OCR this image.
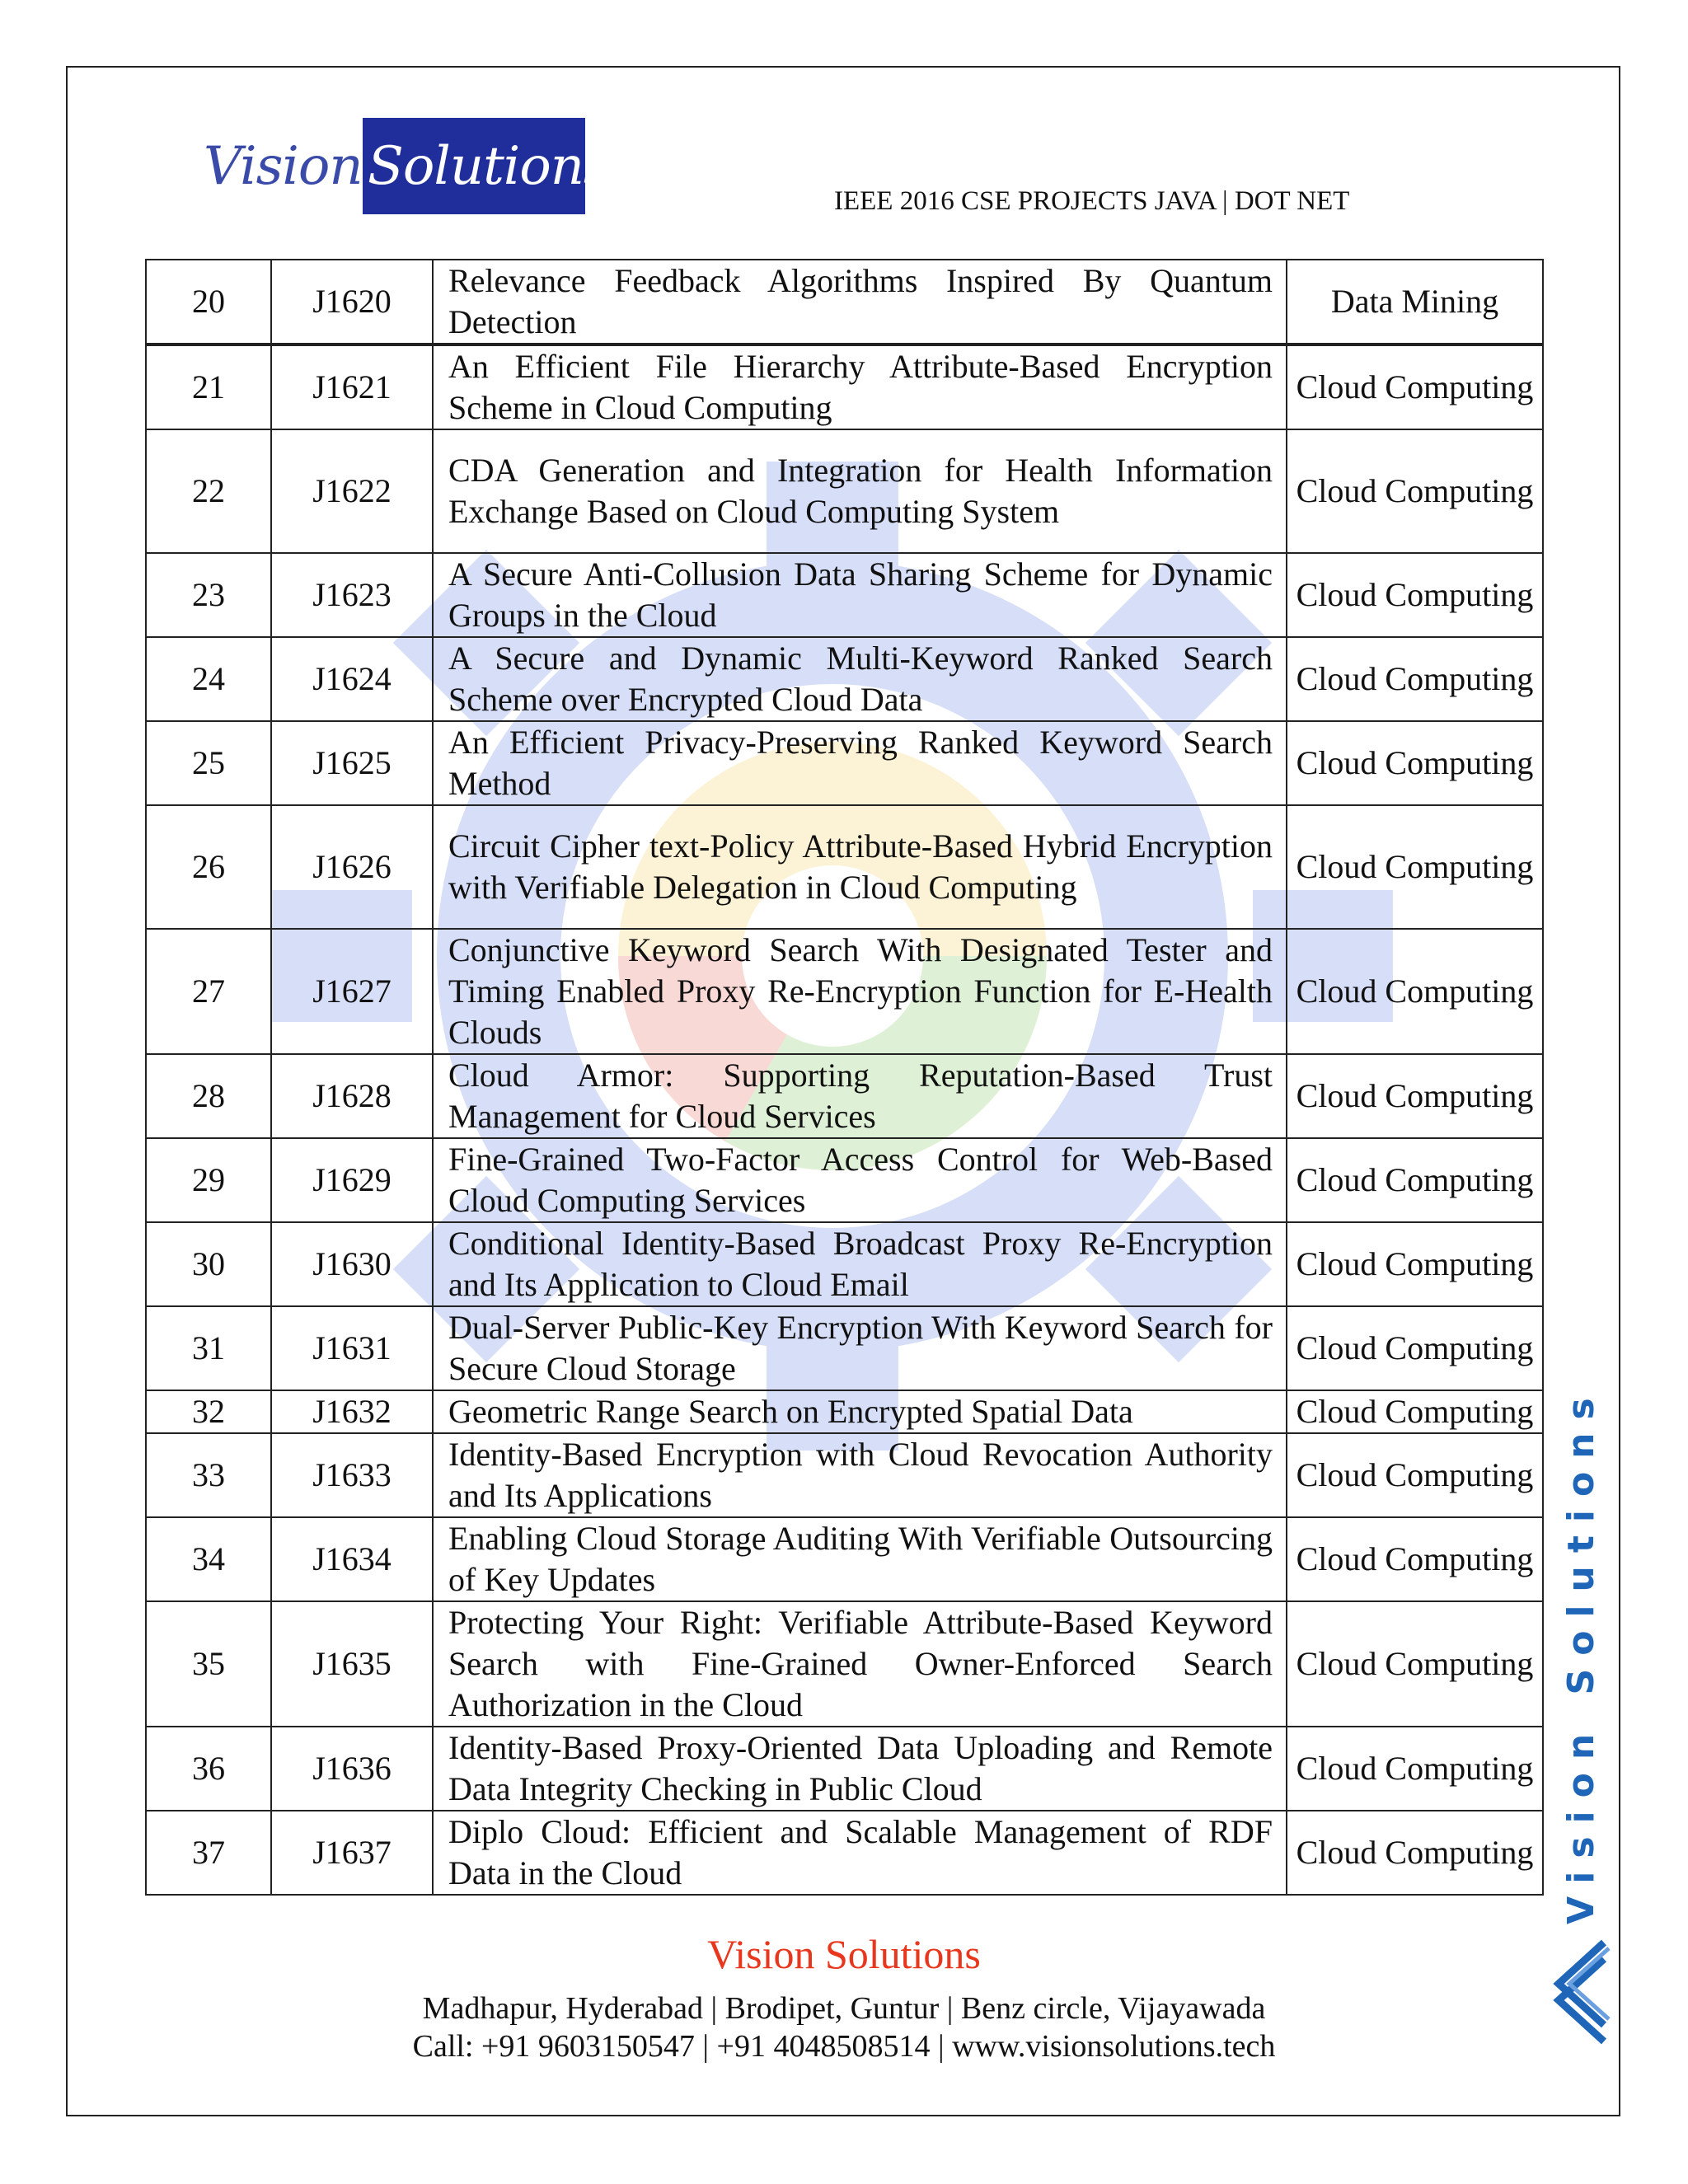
Vision Solutions
IEEE 2016 CSE PROJECTS JAVA | DOT NET
20	J1620	Relevance Feedback Algorithms Inspired By Quantum Detection	Data Mining
21	J1621	An Efficient File Hierarchy Attribute-Based Encryption Scheme in Cloud Computing	Cloud Computing
22	J1622	CDA Generation and Integration for Health Information Exchange Based on Cloud Computing System	Cloud Computing
23	J1623	A Secure Anti-Collusion Data Sharing Scheme for Dynamic Groups in the Cloud	Cloud Computing
24	J1624	A Secure and Dynamic Multi-Keyword Ranked Search Scheme over Encrypted Cloud Data	Cloud Computing
25	J1625	An Efficient Privacy-Preserving Ranked Keyword Search Method	Cloud Computing
26	J1626	Circuit Cipher text-Policy Attribute-Based Hybrid Encryption with Verifiable Delegation in Cloud Computing	Cloud Computing
27	J1627	Conjunctive Keyword Search With Designated Tester and Timing Enabled Proxy Re-Encryption Function for E-Health Clouds	Cloud Computing
28	J1628	Cloud Armor: Supporting Reputation-Based Trust Management for Cloud Services	Cloud Computing
29	J1629	Fine-Grained Two-Factor Access Control for Web-Based Cloud Computing Services	Cloud Computing
30	J1630	Conditional Identity-Based Broadcast Proxy Re-Encryption and Its Application to Cloud Email	Cloud Computing
31	J1631	Dual-Server Public-Key Encryption With Keyword Search for Secure Cloud Storage	Cloud Computing
32	J1632	Geometric Range Search on Encrypted Spatial Data	Cloud Computing
33	J1633	Identity-Based Encryption with Cloud Revocation Authority and Its Applications	Cloud Computing
34	J1634	Enabling Cloud Storage Auditing With Verifiable Outsourcing of Key Updates	Cloud Computing
35	J1635	Protecting Your Right: Verifiable Attribute-Based Keyword Search with Fine-Grained Owner-Enforced Search Authorization in the Cloud	Cloud Computing
36	J1636	Identity-Based Proxy-Oriented Data Uploading and Remote Data Integrity Checking in Public Cloud	Cloud Computing
37	J1637	Diplo Cloud: Efficient and Scalable Management of RDF Data in the Cloud	Cloud Computing
Vision Solutions
Madhapur, Hyderabad | Brodipet, Guntur | Benz circle, Vijayawada
Call: +91 9603150547 | +91 4048508514 | www.visionsolutions.tech
Vision Solutions
